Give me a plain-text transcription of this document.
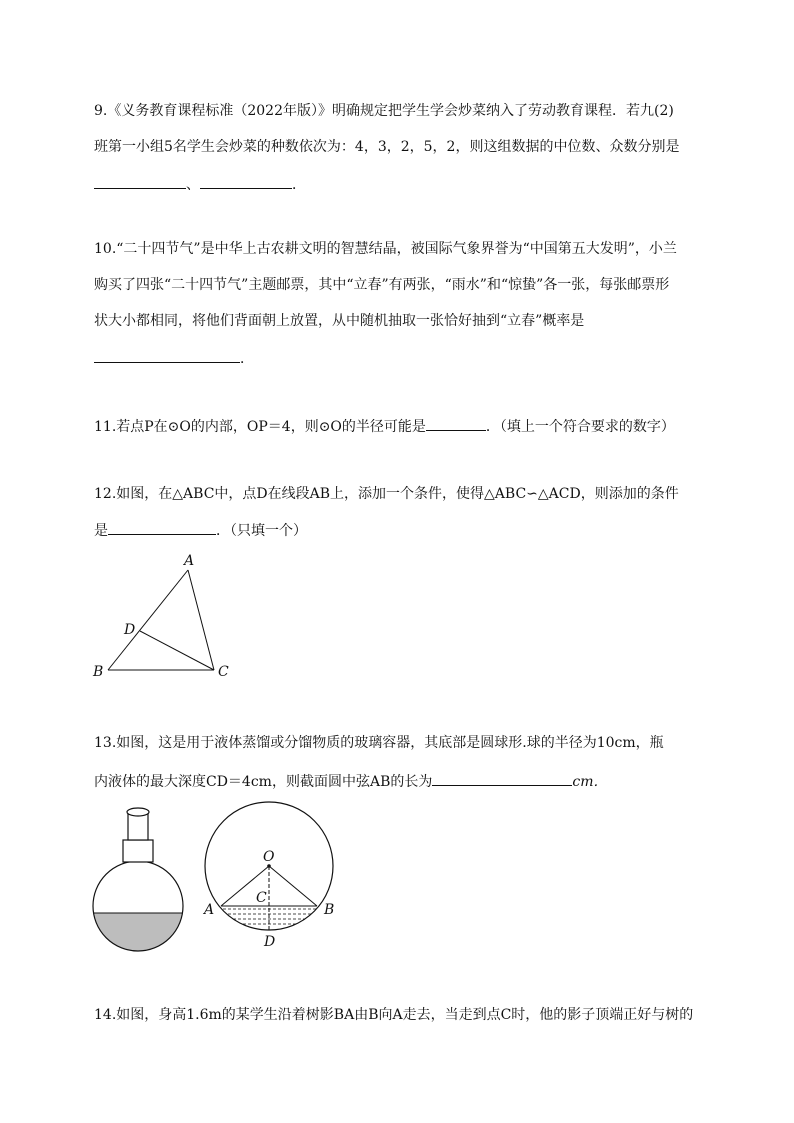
9.《义务教育课程标准（2022年版）》明确规定把学生学会炒菜纳入了劳动教育课程．若九(2)
班第一小组5名学生会炒菜的种数依次为：4，3，2，5，2，则这组数据的中位数、众数分别是
、	．
10.“二十四节气”是中华上古农耕文明的智慧结晶，被国际气象界誉为“中国第五大发明”，小兰
购买了四张“二十四节气”主题邮票，其中“立春”有两张，“雨水”和“惊蛰”各一张，每张邮票形
状大小都相同，将他们背面朝上放置，从中随机抽取一张恰好抽到“立春”概率是
．
11.若点P在⊙O的内部，OP＝4，则⊙O的半径可能是	．（填上一个符合要求的数字）
12.如图，在△ABC中，点D在线段AB上，添加一个条件，使得△ABC∽△ACD，则添加的条件
是	．（只填一个）
A
B	C
D
13.如图，这是用于液体蒸馏或分馏物质的玻璃容器，其底部是圆球形.球的半径为10cm，瓶
内液体的最大深度CD＝4cm，则截面圆中弦AB的长为	cm．
O
A	B
C
D
14.如图，身高1.6m的某学生沿着树影BA由B向A走去，当走到点C时，他的影子顶端正好与树的
